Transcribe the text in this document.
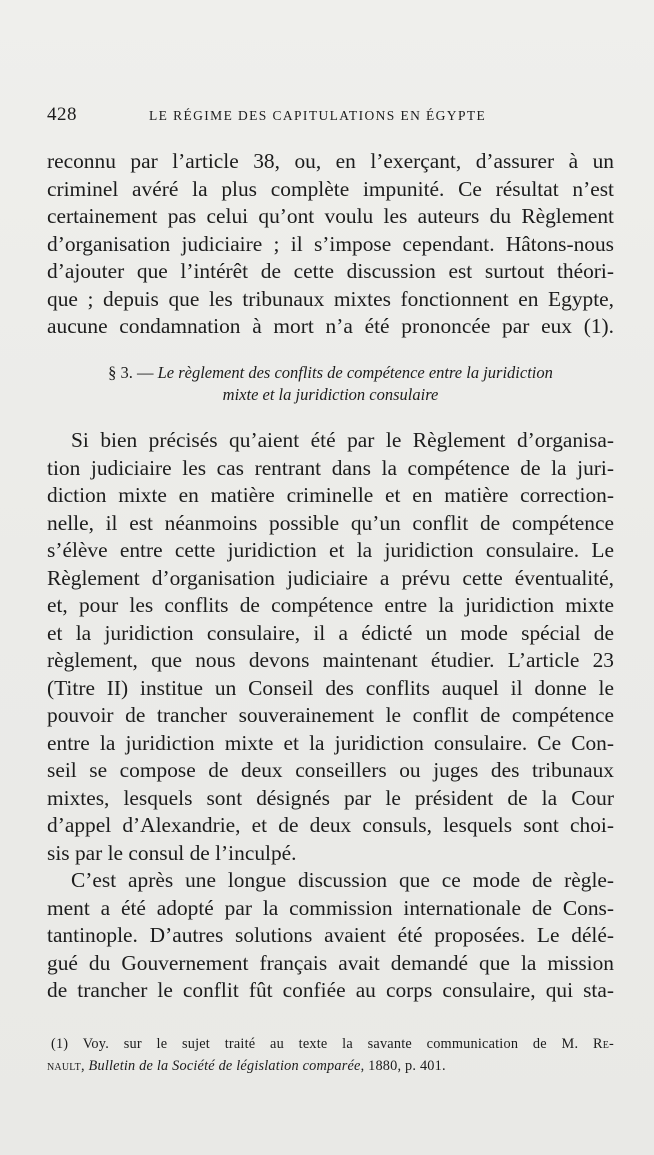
428	LE RÉGIME DES CAPITULATIONS EN ÉGYPTE
reconnu par l’article 38, ou, en l’exerçant, d’assurer à un
criminel avéré la plus complète impunité. Ce résultat n’est
certainement pas celui qu’ont voulu les auteurs du Règlement
d’organisation judiciaire ; il s’impose cependant. Hâtons-nous
d’ajouter que l’intérêt de cette discussion est surtout théori-
que ; depuis que les tribunaux mixtes fonctionnent en Egypte,
aucune condamnation à mort n’a été prononcée par eux (1).
§ 3. — Le règlement des conflits de compétence entre la juridiction
mixte et la juridiction consulaire
Si bien précisés qu’aient été par le Règlement d’organisa-
tion judiciaire les cas rentrant dans la compétence de la juri-
diction mixte en matière criminelle et en matière correction-
nelle, il est néanmoins possible qu’un conflit de compétence
s’élève entre cette juridiction et la juridiction consulaire. Le
Règlement d’organisation judiciaire a prévu cette éventualité,
et, pour les conflits de compétence entre la juridiction mixte
et la juridiction consulaire, il a édicté un mode spécial de
règlement, que nous devons maintenant étudier. L’article 23
(Titre II) institue un Conseil des conflits auquel il donne le
pouvoir de trancher souverainement le conflit de compétence
entre la juridiction mixte et la juridiction consulaire. Ce Con-
seil se compose de deux conseillers ou juges des tribunaux
mixtes, lesquels sont désignés par le président de la Cour
d’appel d’Alexandrie, et de deux consuls, lesquels sont choi-
sis par le consul de l’inculpé.
C’est après une longue discussion que ce mode de règle-
ment a été adopté par la commission internationale de Cons-
tantinople. D’autres solutions avaient été proposées. Le délé-
gué du Gouvernement français avait demandé que la mission
de trancher le conflit fût confiée au corps consulaire, qui sta-
(1) Voy. sur le sujet traité au texte la savante communication de M. Re-
nault, Bulletin de la Société de législation comparée, 1880, p. 401.
